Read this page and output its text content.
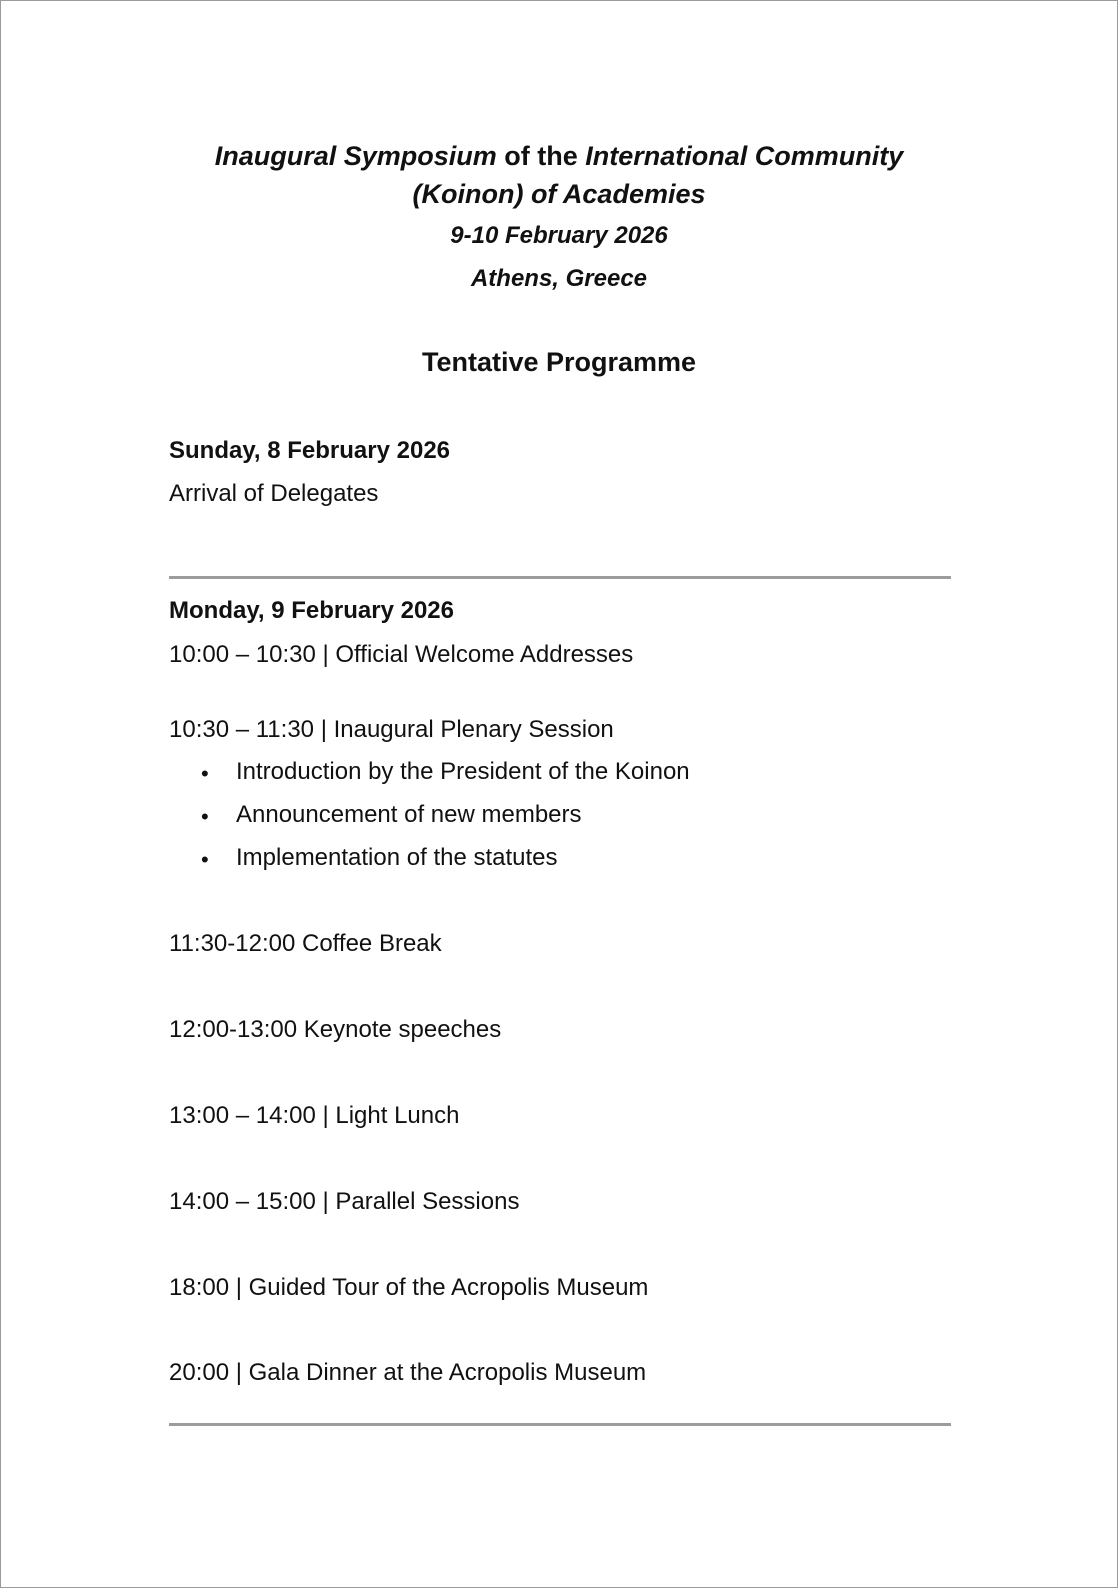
Inaugural Symposium of the International Community
(Koinon) of Academies
9-10 February 2026
Athens, Greece
Tentative Programme
Sunday, 8 February 2026
Arrival of Delegates
Monday, 9 February 2026
10:00 – 10:30 | Official Welcome Addresses
10:30 – 11:30 | Inaugural Plenary Session
• Introduction by the President of the Koinon
• Announcement of new members
• Implementation of the statutes
11:30-12:00 Coffee Break
12:00-13:00 Keynote speeches
13:00 – 14:00 | Light Lunch
14:00 – 15:00 | Parallel Sessions
18:00 | Guided Tour of the Acropolis Museum
20:00 | Gala Dinner at the Acropolis Museum
